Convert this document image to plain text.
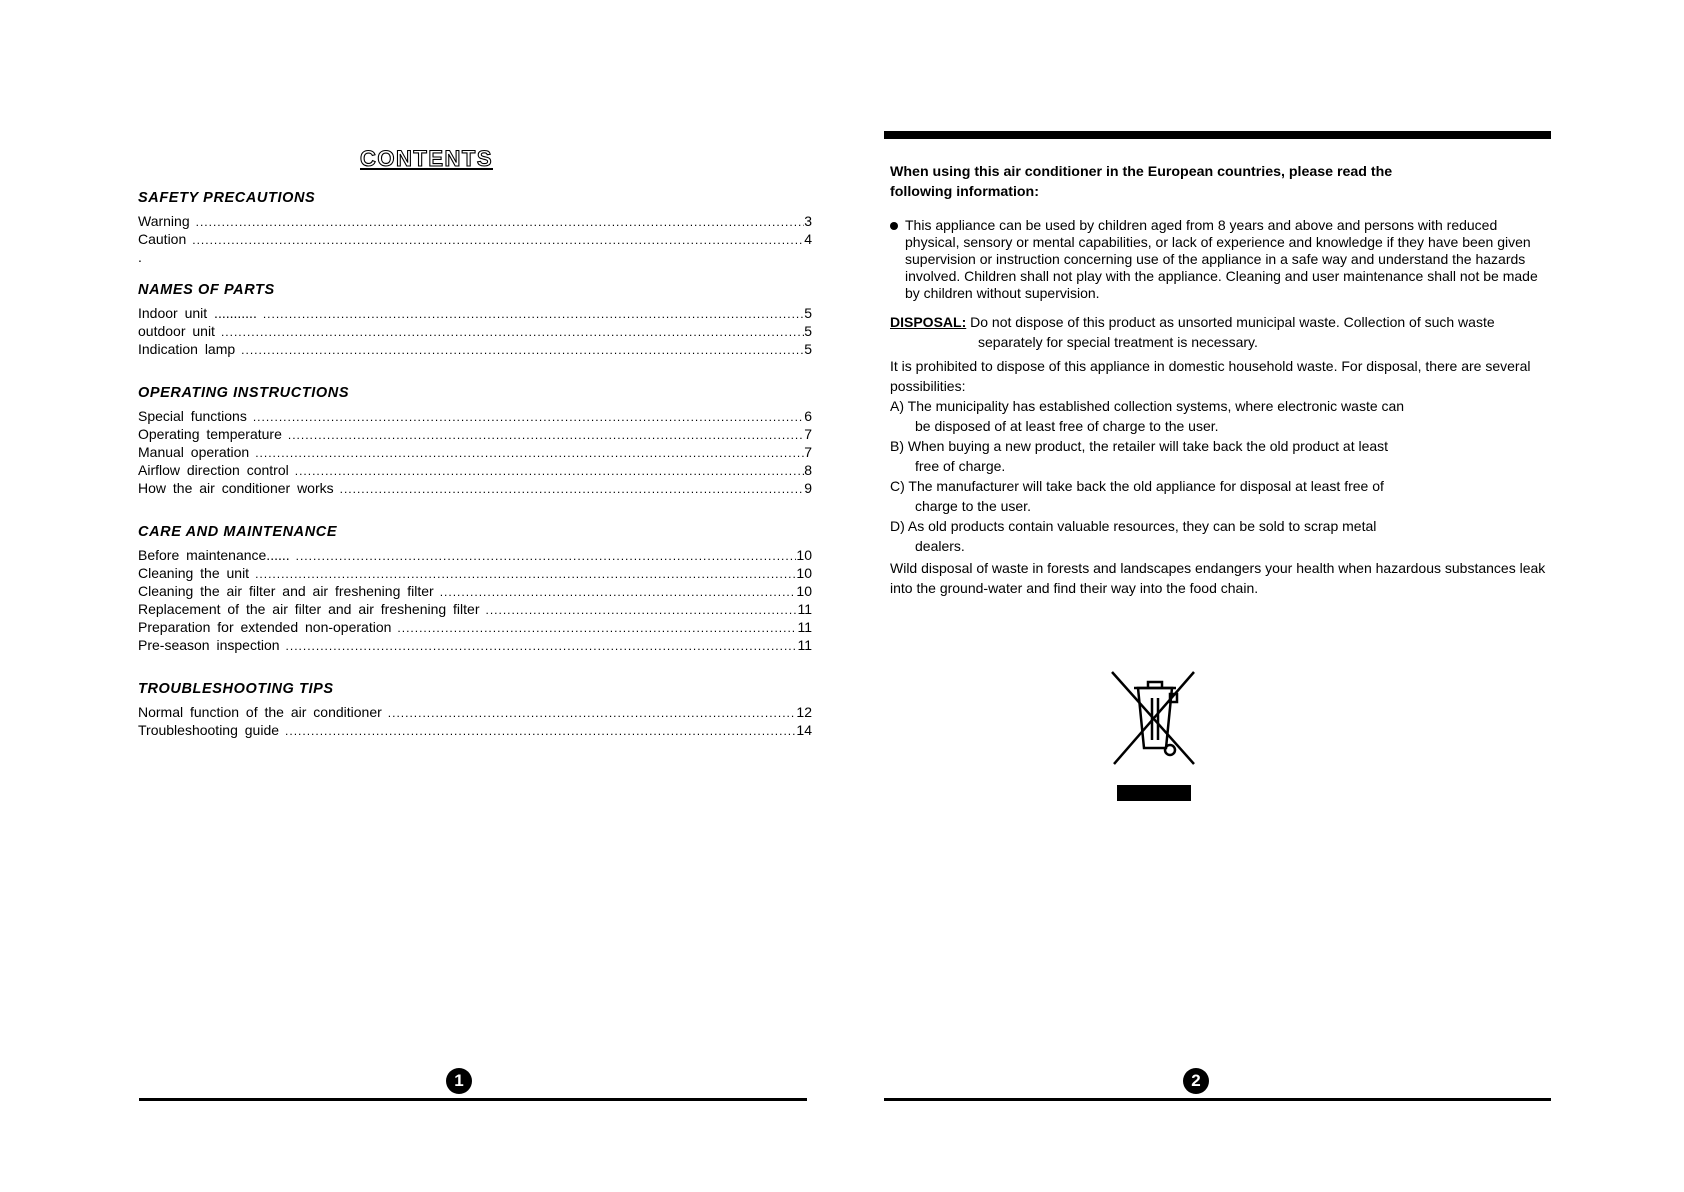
CONTENTS
SAFETY PRECAUTIONS
Warning .....	3
Caution .....	4
.
NAMES OF PARTS
Indoor unit ........... .....	5
outdoor unit .....	5
Indication lamp .....	5
OPERATING INSTRUCTIONS
Special functions .....	6
Operating temperature .....	7
Manual operation .....	7
Airflow direction control .....	8
How the air conditioner works .....	9
CARE AND MAINTENANCE
Before maintenance...... .....	10
Cleaning the unit .....	10
Cleaning the air filter and air freshening filter .....	10
Replacement of the air filter and air freshening filter .....	11
Preparation for extended non-operation .....	11
Pre-season inspection .....	11
TROUBLESHOOTING TIPS
Normal function of the air conditioner .....	12
Troubleshooting guide .....	14
1
When using this air conditioner in the European countries, please read the following information:
This appliance can be used by children aged from 8 years and above and persons with reduced physical, sensory or mental capabilities, or lack of experience and knowledge if they have been given supervision or instruction concerning use of the appliance in a safe way and understand the hazards involved. Children shall not play with the appliance. Cleaning and user maintenance shall not be made by children without supervision.
DISPOSAL: Do not dispose of this product as unsorted municipal waste. Collection of such waste
separately for special treatment is necessary.
It is prohibited to dispose of this appliance in domestic household waste. For disposal, there are several possibilities:
A) The municipality has established collection systems, where electronic waste can
be disposed of at least free of charge to the user.
B) When buying a new product, the retailer will take back the old product at least
free of charge.
C) The manufacturer will take back the old appliance for disposal at least free of
charge to the user.
D) As old products contain valuable resources, they can be sold to scrap metal
dealers.
Wild disposal of waste in forests and landscapes endangers your health when hazardous substances leak into the ground-water and find their way into the food chain.
2
